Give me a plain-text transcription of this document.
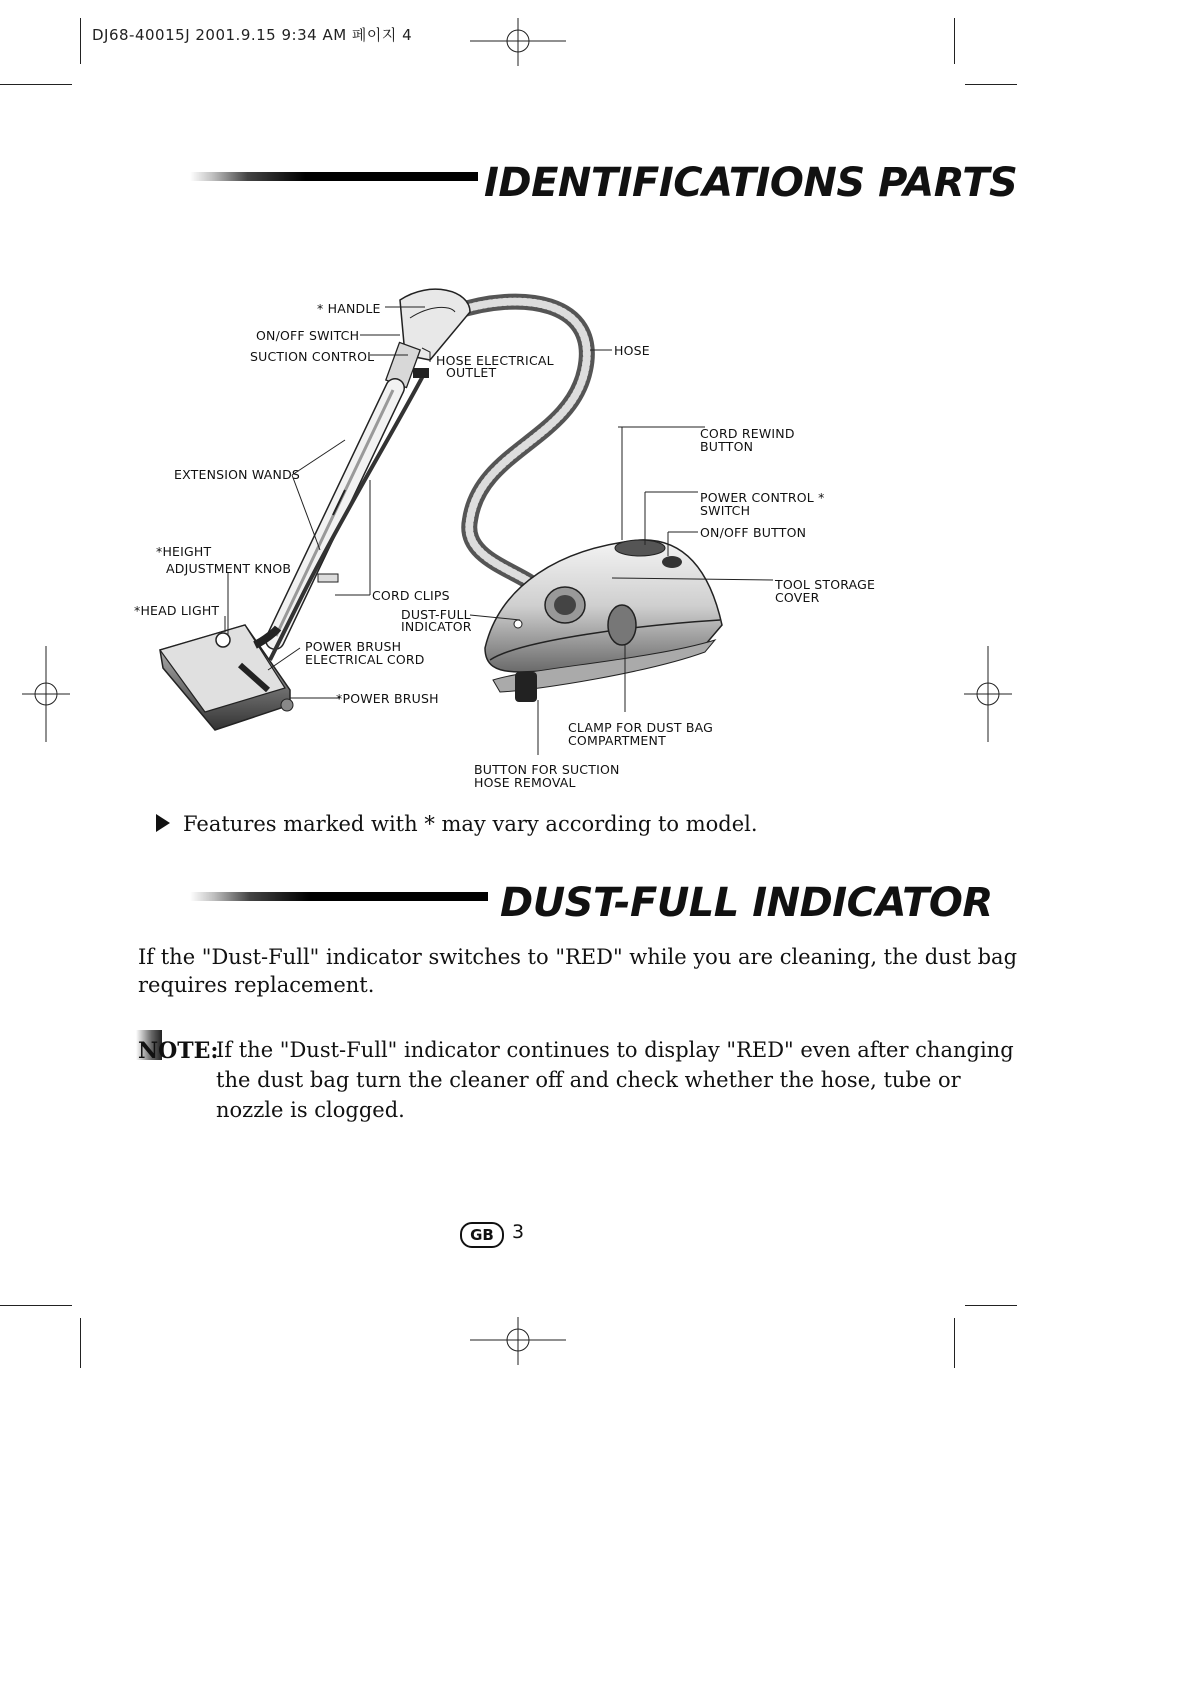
DJ68-40015J 2001.9.15 9:34 AM 페이지 4
IDENTIFICATIONS PARTS
* HANDLE
ON/OFF SWITCH
SUCTION CONTROL	HOSE ELECTRICAL
OUTLET
HOSE
CORD REWIND
BUTTON
EXTENSION WANDS
POWER CONTROL *
SWITCH
ON/OFF BUTTON
*HEIGHT
ADJUSTMENT KNOB
TOOL STORAGE
COVER
CORD CLIPS
*HEAD LIGHT	DUST-FULL
INDICATOR
POWER BRUSH
ELECTRICAL CORD
*POWER BRUSH
CLAMP FOR DUST BAG
COMPARTMENT
BUTTON FOR SUCTION
HOSE REMOVAL
Features marked with * may vary according to model.
DUST-FULL INDICATOR
If the "Dust-Full" indicator switches to "RED" while you are cleaning, the dust bag
requires replacement.
NOTE:
If the "Dust-Full" indicator continues to display "RED" even after changing
the dust bag turn the cleaner off and check whether the hose, tube or
nozzle is clogged.
GB 3
